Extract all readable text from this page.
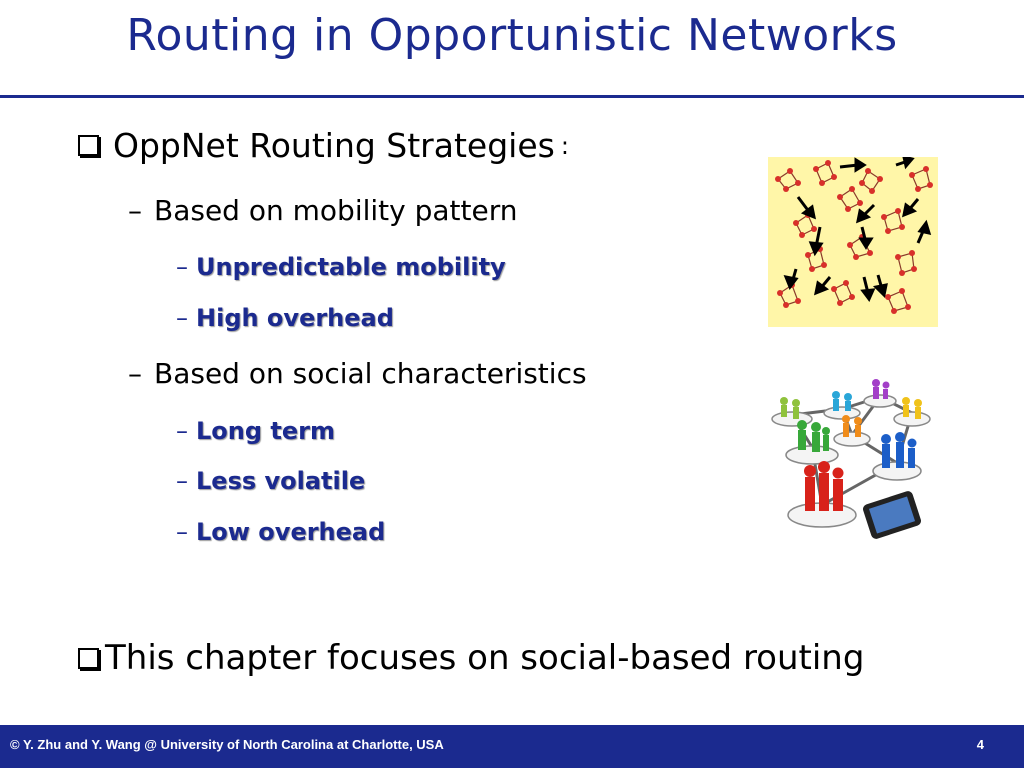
Routing in Opportunistic Networks
OppNet Routing Strategies :
– Based on mobility pattern
– Unpredictable mobility
– High overhead
– Based on social characteristics
– Long term
– Less volatile
– Low overhead
This chapter focuses on social-based routing
© Y. Zhu and Y. Wang @ University of North Carolina at Charlotte, USA	4
